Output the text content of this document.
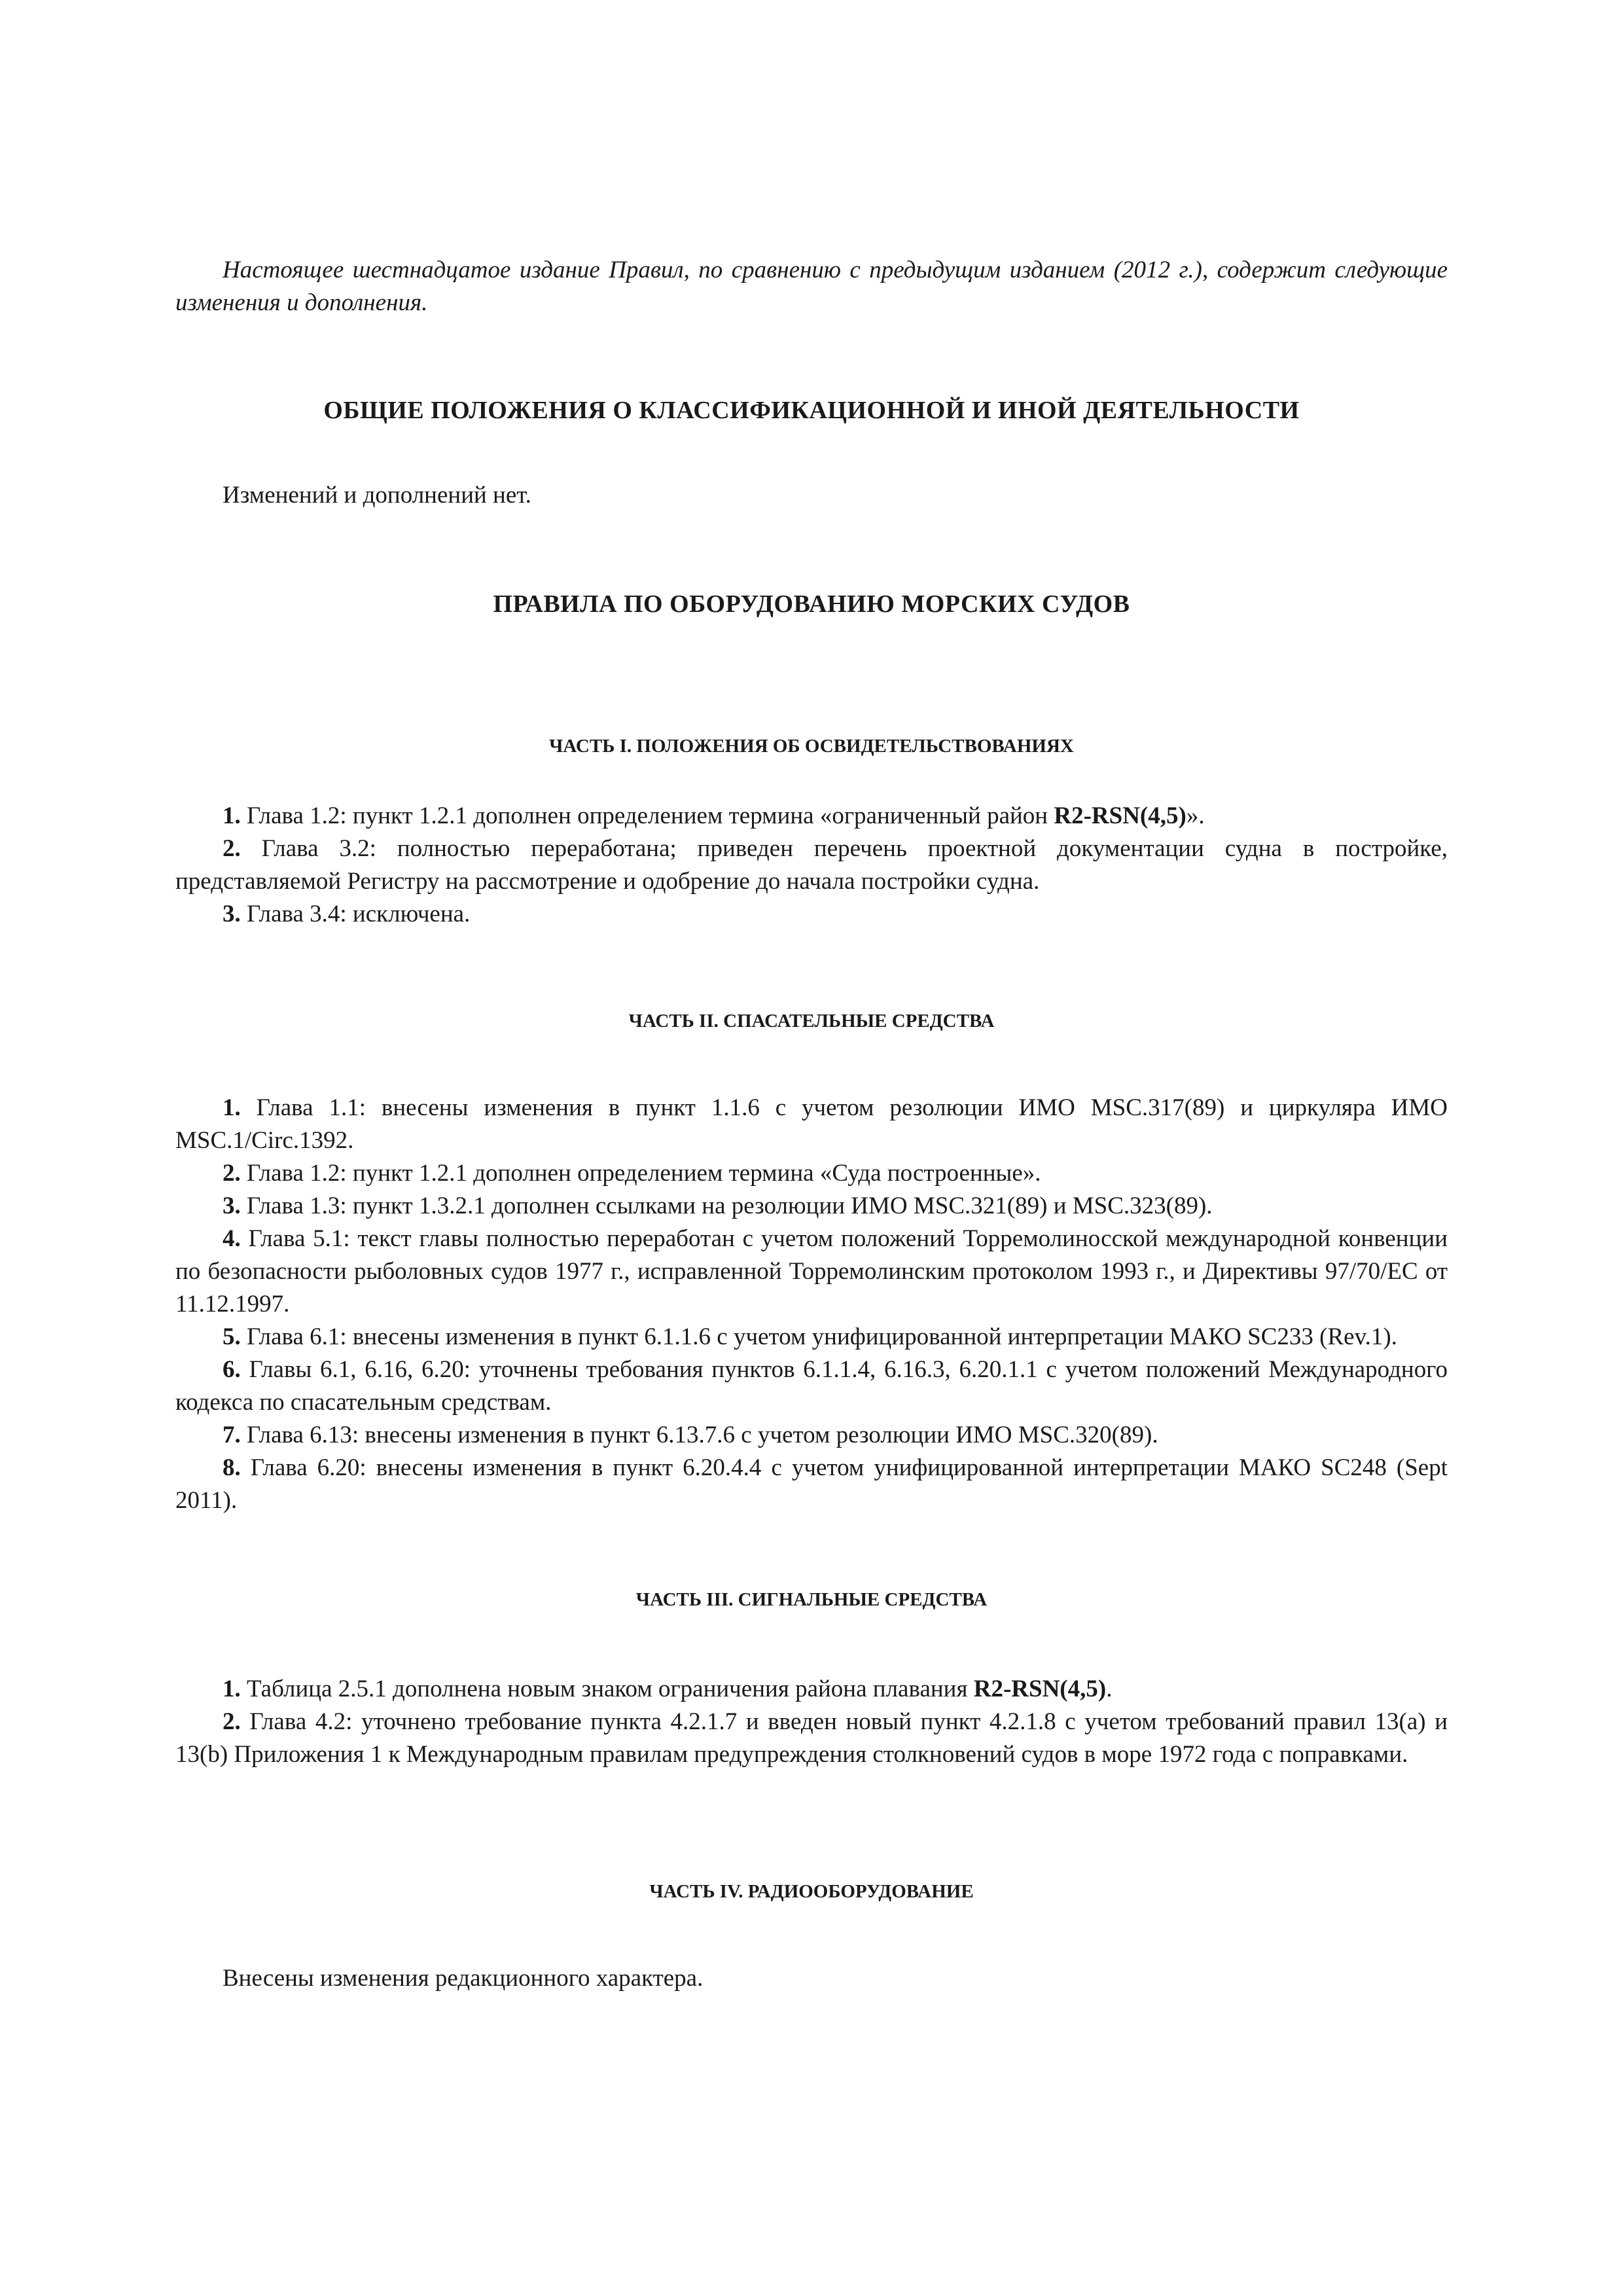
Настоящее шестнадцатое издание Правил, по сравнению с предыдущим изданием (2012 г.), содержит следующие изменения и дополнения.

ОБЩИЕ ПОЛОЖЕНИЯ О КЛАССИФИКАЦИОННОЙ И ИНОЙ ДЕЯТЕЛЬНОСТИ

Изменений и дополнений нет.

ПРАВИЛА ПО ОБОРУДОВАНИЮ МОРСКИХ СУДОВ
ЧАСТЬ I. ПОЛОЖЕНИЯ ОБ ОСВИДЕТЕЛЬСТВОВАНИЯХ

1. Глава 1.2: пункт 1.2.1 дополнен определением термина «ограниченный район R2-RSN(4,5)».

2. Глава 3.2: полностью переработана; приведен перечень проектной документации судна в постройке, представляемой Регистру на рассмотрение и одобрение до начала постройки судна.

3. Глава 3.4: исключена.

ЧАСТЬ II. СПАСАТЕЛЬНЫЕ СРЕДСТВА

1. Глава 1.1: внесены изменения в пункт 1.1.6 с учетом резолюции ИМО MSC.317(89) и циркуляра ИМО MSC.1/Circ.1392.

2. Глава 1.2: пункт 1.2.1 дополнен определением термина «Суда построенные».

3. Глава 1.3: пункт 1.3.2.1 дополнен ссылками на резолюции ИМО MSC.321(89) и MSC.323(89).

4. Глава 5.1: текст главы полностью переработан с учетом положений Торремолиносской международной конвенции по безопасности рыболовных судов 1977 г., исправленной Торремолинским протоколом 1993 г., и Директивы 97/70/ЕС от 11.12.1997.

5. Глава 6.1: внесены изменения в пункт 6.1.1.6 с учетом унифицированной интерпретации МАКО SC233 (Rev.1).

6. Главы 6.1, 6.16, 6.20: уточнены требования пунктов 6.1.1.4, 6.16.3, 6.20.1.1 с учетом положений Международного кодекса по спасательным средствам.

7. Глава 6.13: внесены изменения в пункт 6.13.7.6 с учетом резолюции ИМО MSC.320(89).

8. Глава 6.20: внесены изменения в пункт 6.20.4.4 с учетом унифицированной интерпретации МАКО SC248 (Sept 2011).

ЧАСТЬ III. СИГНАЛЬНЫЕ СРЕДСТВА

1. Таблица 2.5.1 дополнена новым знаком ограничения района плавания R2-RSN(4,5).

2. Глава 4.2: уточнено требование пункта 4.2.1.7 и введен новый пункт 4.2.1.8 с учетом требований правил 13(a) и 13(b) Приложения 1 к Международным правилам предупреждения столкновений судов в море 1972 года с поправками.

ЧАСТЬ IV. РАДИООБОРУДОВАНИЕ

Внесены изменения редакционного характера.
